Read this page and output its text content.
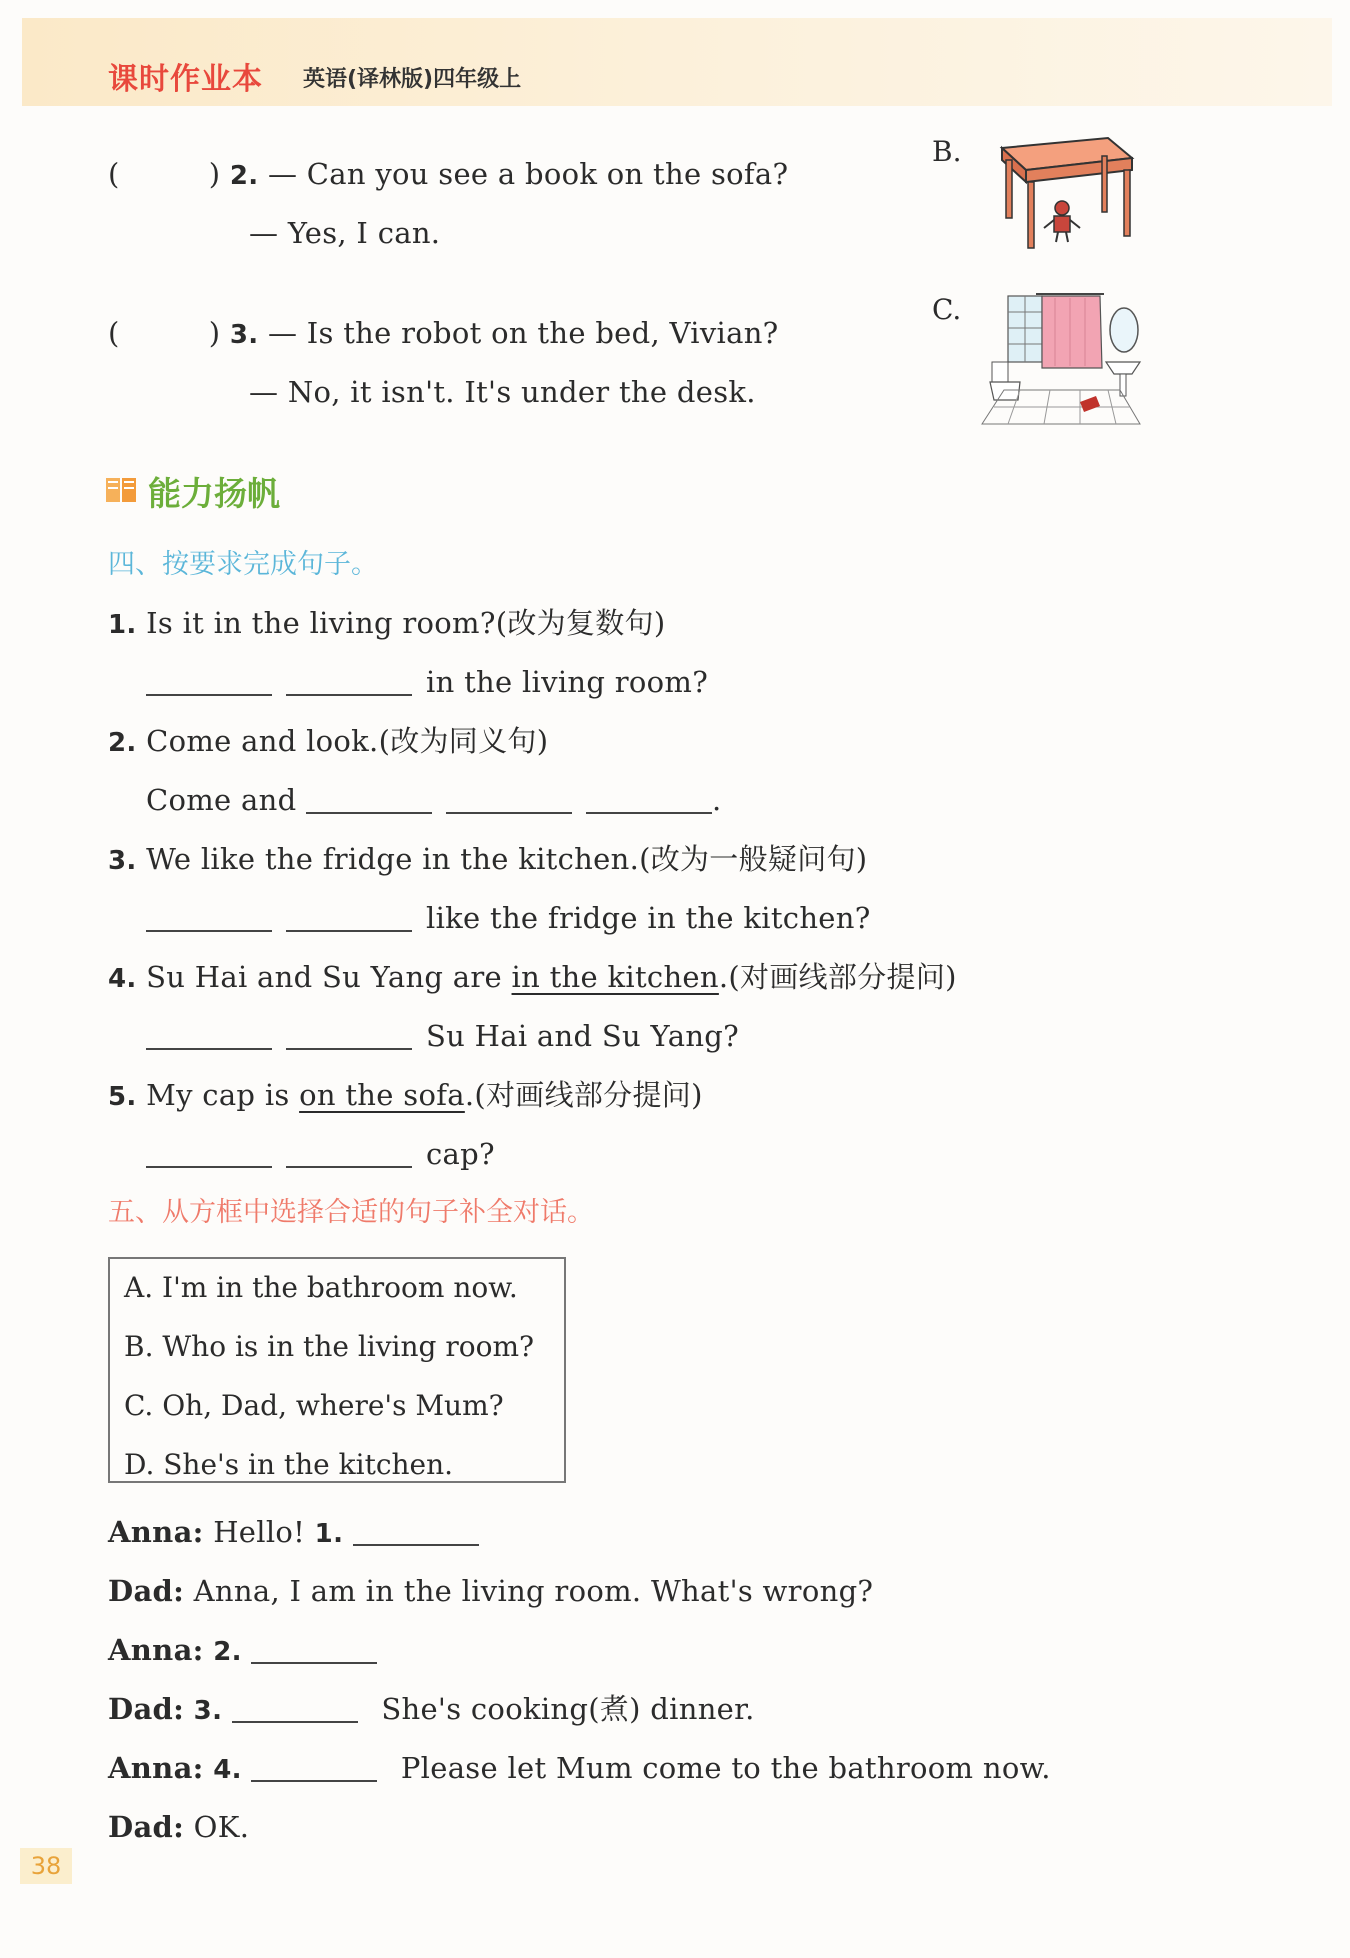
课时作业本 英语(译林版)四年级上
(	) 2. — Can you see a book on the sofa?
— Yes, I can.
(	) 3. — Is the robot on the bed, Vivian?
— No, it isn't. It's under the desk.
B.
C.
能力扬帆
四、按要求完成句子。
1. Is it in the living room?(改为复数句)
in the living room?
2. Come and look.(改为同义句)
Come and	.
3. We like the fridge in the kitchen.(改为一般疑问句)
like the fridge in the kitchen?
4. Su Hai and Su Yang are in the kitchen.(对画线部分提问)
Su Hai and Su Yang?
5. My cap is on the sofa.(对画线部分提问)
cap?
五、从方框中选择合适的句子补全对话。
A. I'm in the bathroom now.
B. Who is in the living room?
C. Oh, Dad, where's Mum?
D. She's in the kitchen.
Anna: Hello! 1.
Dad: Anna, I am in the living room. What's wrong?
Anna: 2.
Dad: 3.	She's cooking(煮) dinner.
Anna: 4.	Please let Mum come to the bathroom now.
Dad: OK.
38
